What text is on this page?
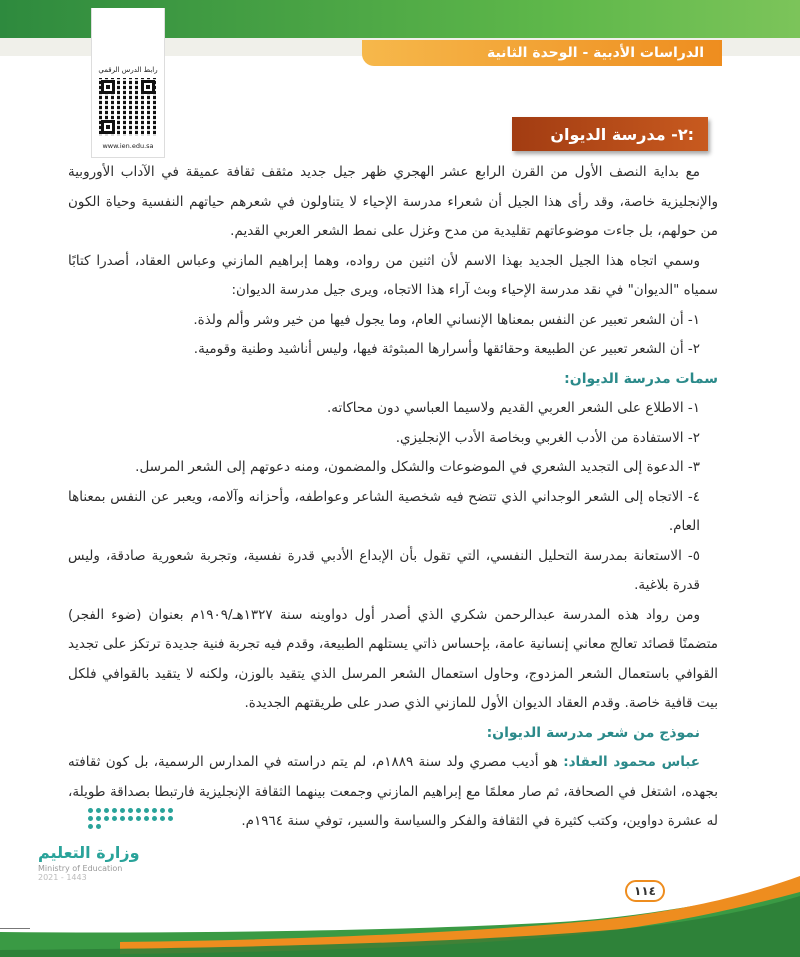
الدراسات الأدبية - الوحدة الثانية
رابط الدرس الرقمي
www.ien.edu.sa
٢- مدرسة الديوان:

مع بداية النصف الأول من القرن الرابع عشر الهجري ظهر جيل جديد مثقف ثقافة عميقة في الآداب الأوروبية والإنجليزية خاصة، وقد رأى هذا الجيل أن شعراء مدرسة الإحياء لا يتناولون في شعرهم حياتهم النفسية وحياة الكون من حولهم، بل جاءت موضوعاتهم تقليدية من مدح وغزل على نمط الشعر العربي القديم.

وسمي اتجاه هذا الجيل الجديد بهذا الاسم لأن اثنين من رواده، وهما إبراهيم المازني وعباس العقاد، أصدرا كتابًا سمياه "الديوان" في نقد مدرسة الإحياء وبث آراء هذا الاتجاه، ويرى جيل مدرسة الديوان:

١- أن الشعر تعبير عن النفس بمعناها الإنساني العام، وما يجول فيها من خير وشر وألم ولذة.

٢- أن الشعر تعبير عن الطبيعة وحقائقها وأسرارها المبثوثة فيها، وليس أناشيد وطنية وقومية.

سمات مدرسة الديوان:

١- الاطلاع على الشعر العربي القديم ولاسيما العباسي دون محاكاته.

٢- الاستفادة من الأدب الغربي وبخاصة الأدب الإنجليزي.

٣- الدعوة إلى التجديد الشعري في الموضوعات والشكل والمضمون، ومنه دعوتهم إلى الشعر المرسل.

٤- الاتجاه إلى الشعر الوجداني الذي تتضح فيه شخصية الشاعر وعواطفه، وأحزانه وآلامه، ويعبر عن النفس بمعناها العام.

٥- الاستعانة بمدرسة التحليل النفسي، التي تقول بأن الإبداع الأدبي قدرة نفسية، وتجربة شعورية صادقة، وليس قدرة بلاغية.

ومن رواد هذه المدرسة عبدالرحمن شكري الذي أصدر أول دواوينه سنة ١٣٢٧هـ/١٩٠٩م بعنوان (ضوء الفجر) متضمنًا قصائد تعالج معاني إنسانية عامة، بإحساس ذاتي يستلهم الطبيعة، وقدم فيه تجربة فنية جديدة ترتكز على تجديد القوافي باستعمال الشعر المزدوج، وحاول استعمال الشعر المرسل الذي يتقيد بالوزن، ولكنه لا يتقيد بالقوافي فلكل بيت قافية خاصة. وقدم العقاد الديوان الأول للمازني الذي صدر على طريقتهم الجديدة.

نموذج من شعر مدرسة الديوان:

عباس محمود العقاد: هو أديب مصري ولد سنة ١٨٨٩م، لم يتم دراسته في المدارس الرسمية، بل كون ثقافته بجهده، اشتغل في الصحافة، ثم صار معلمًا مع إبراهيم المازني وجمعت بينهما الثقافة الإنجليزية فارتبطا بصداقة طويلة، له عشرة دواوين، وكتب كثيرة في الثقافة والفكر والسياسة والسير، توفي سنة ١٩٦٤م.

١١٤
وزارة التعليم
Ministry of Education
2021 - 1443
